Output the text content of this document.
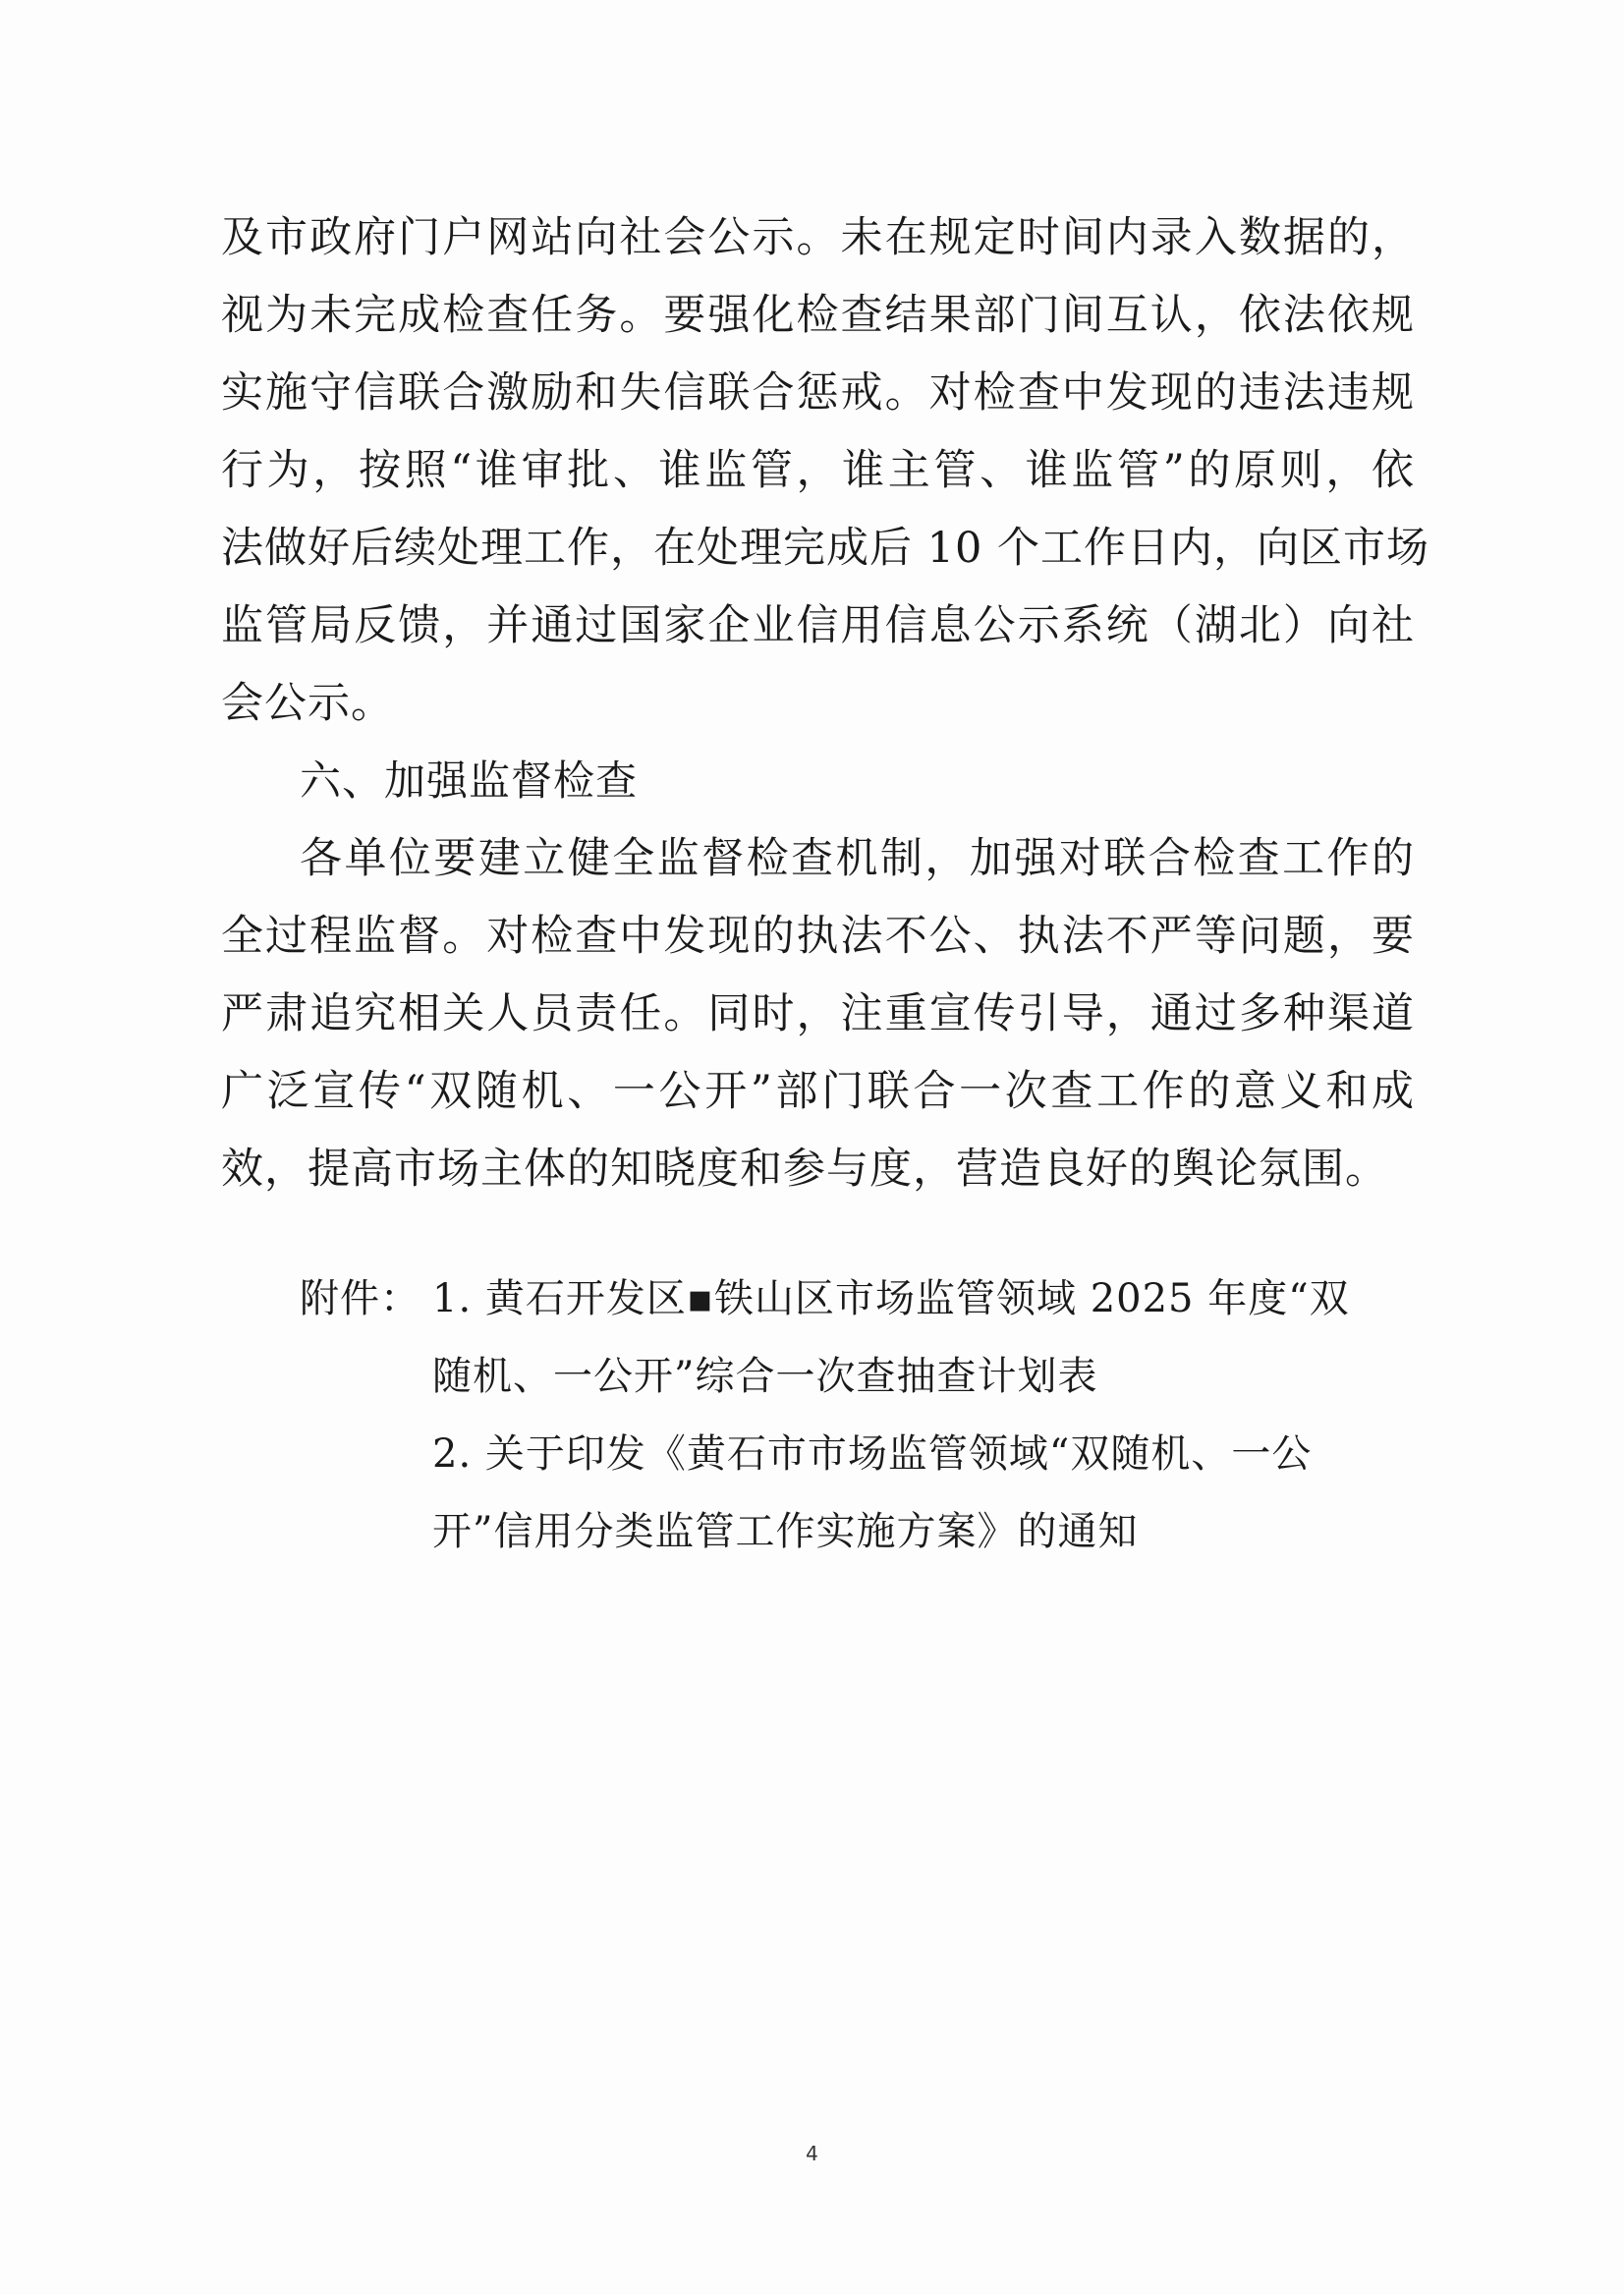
及市政府门户网站向社会公示。未在规定时间内录入数据的，
视为未完成检查任务。要强化检查结果部门间互认，依法依规
实施守信联合激励和失信联合惩戒。对检查中发现的违法违规
行为，按照“谁审批、谁监管，谁主管、谁监管”的原则，依
法做好后续处理工作，在处理完成后 10 个工作日内，向区市场
监管局反馈，并通过国家企业信用信息公示系统（湖北）向社
会公示。
六、加强监督检查
各单位要建立健全监督检查机制，加强对联合检查工作的
全过程监督。对检查中发现的执法不公、执法不严等问题，要
严肃追究相关人员责任。同时，注重宣传引导，通过多种渠道
广泛宣传“双随机、一公开”部门联合一次查工作的意义和成
效，提高市场主体的知晓度和参与度，营造良好的舆论氛围。
附件： 1. 黄石开发区▪铁山区市场监管领域 2025 年度“双
随机、一公开”综合一次查抽查计划表
2. 关于印发《黄石市市场监管领域“双随机、一公
开”信用分类监管工作实施方案》的通知
4
